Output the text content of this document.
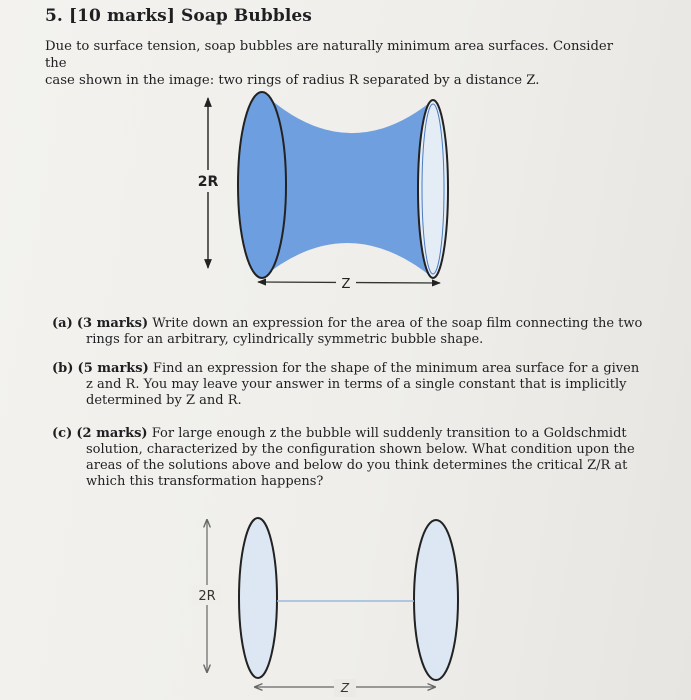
5. [10 marks] Soap Bubbles
Due to surface tension, soap bubbles are naturally minimum area surfaces. Consider the
case shown in the image: two rings of radius R separated by a distance Z.
2R
Z
2R
Z
(a) (3 marks) Write down an expression for the area of the soap film connecting the two
rings for an arbitrary, cylindrically symmetric bubble shape.
(b) (5 marks) Find an expression for the shape of the minimum area surface for a given
z and R. You may leave your answer in terms of a single constant that is implicitly
determined by Z and R.
(c) (2 marks) For large enough z the bubble will suddenly transition to a Goldschmidt
solution, characterized by the configuration shown below. What condition upon the
areas of the solutions above and below do you think determines the critical Z/R at
which this transformation happens?
